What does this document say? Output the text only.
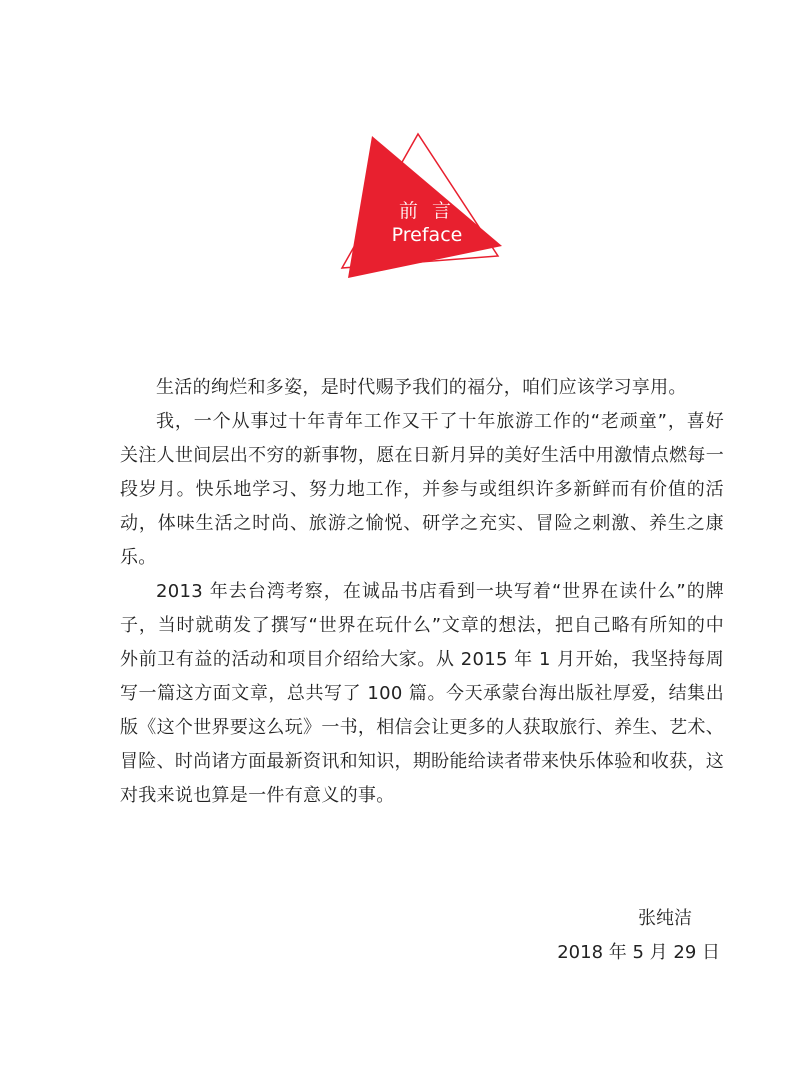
前 言
Preface

生活的绚烂和多姿，是时代赐予我们的福分，咱们应该学习享用。

我，一个从事过十年青年工作又干了十年旅游工作的“老顽童”，喜好关注人世间层出不穷的新事物，愿在日新月异的美好生活中用激情点燃每一段岁月。快乐地学习、努力地工作，并参与或组织许多新鲜而有价值的活动，体味生活之时尚、旅游之愉悦、研学之充实、冒险之刺激、养生之康乐。

2013 年去台湾考察，在诚品书店看到一块写着“世界在读什么”的牌子，当时就萌发了撰写“世界在玩什么”文章的想法，把自己略有所知的中外前卫有益的活动和项目介绍给大家。从 2015 年 1 月开始，我坚持每周写一篇这方面文章，总共写了 100 篇。今天承蒙台海出版社厚爱，结集出版《这个世界要这么玩》一书，相信会让更多的人获取旅行、养生、艺术、冒险、时尚诸方面最新资讯和知识，期盼能给读者带来快乐体验和收获，这对我来说也算是一件有意义的事。

张纯洁
2018 年 5 月 29 日
